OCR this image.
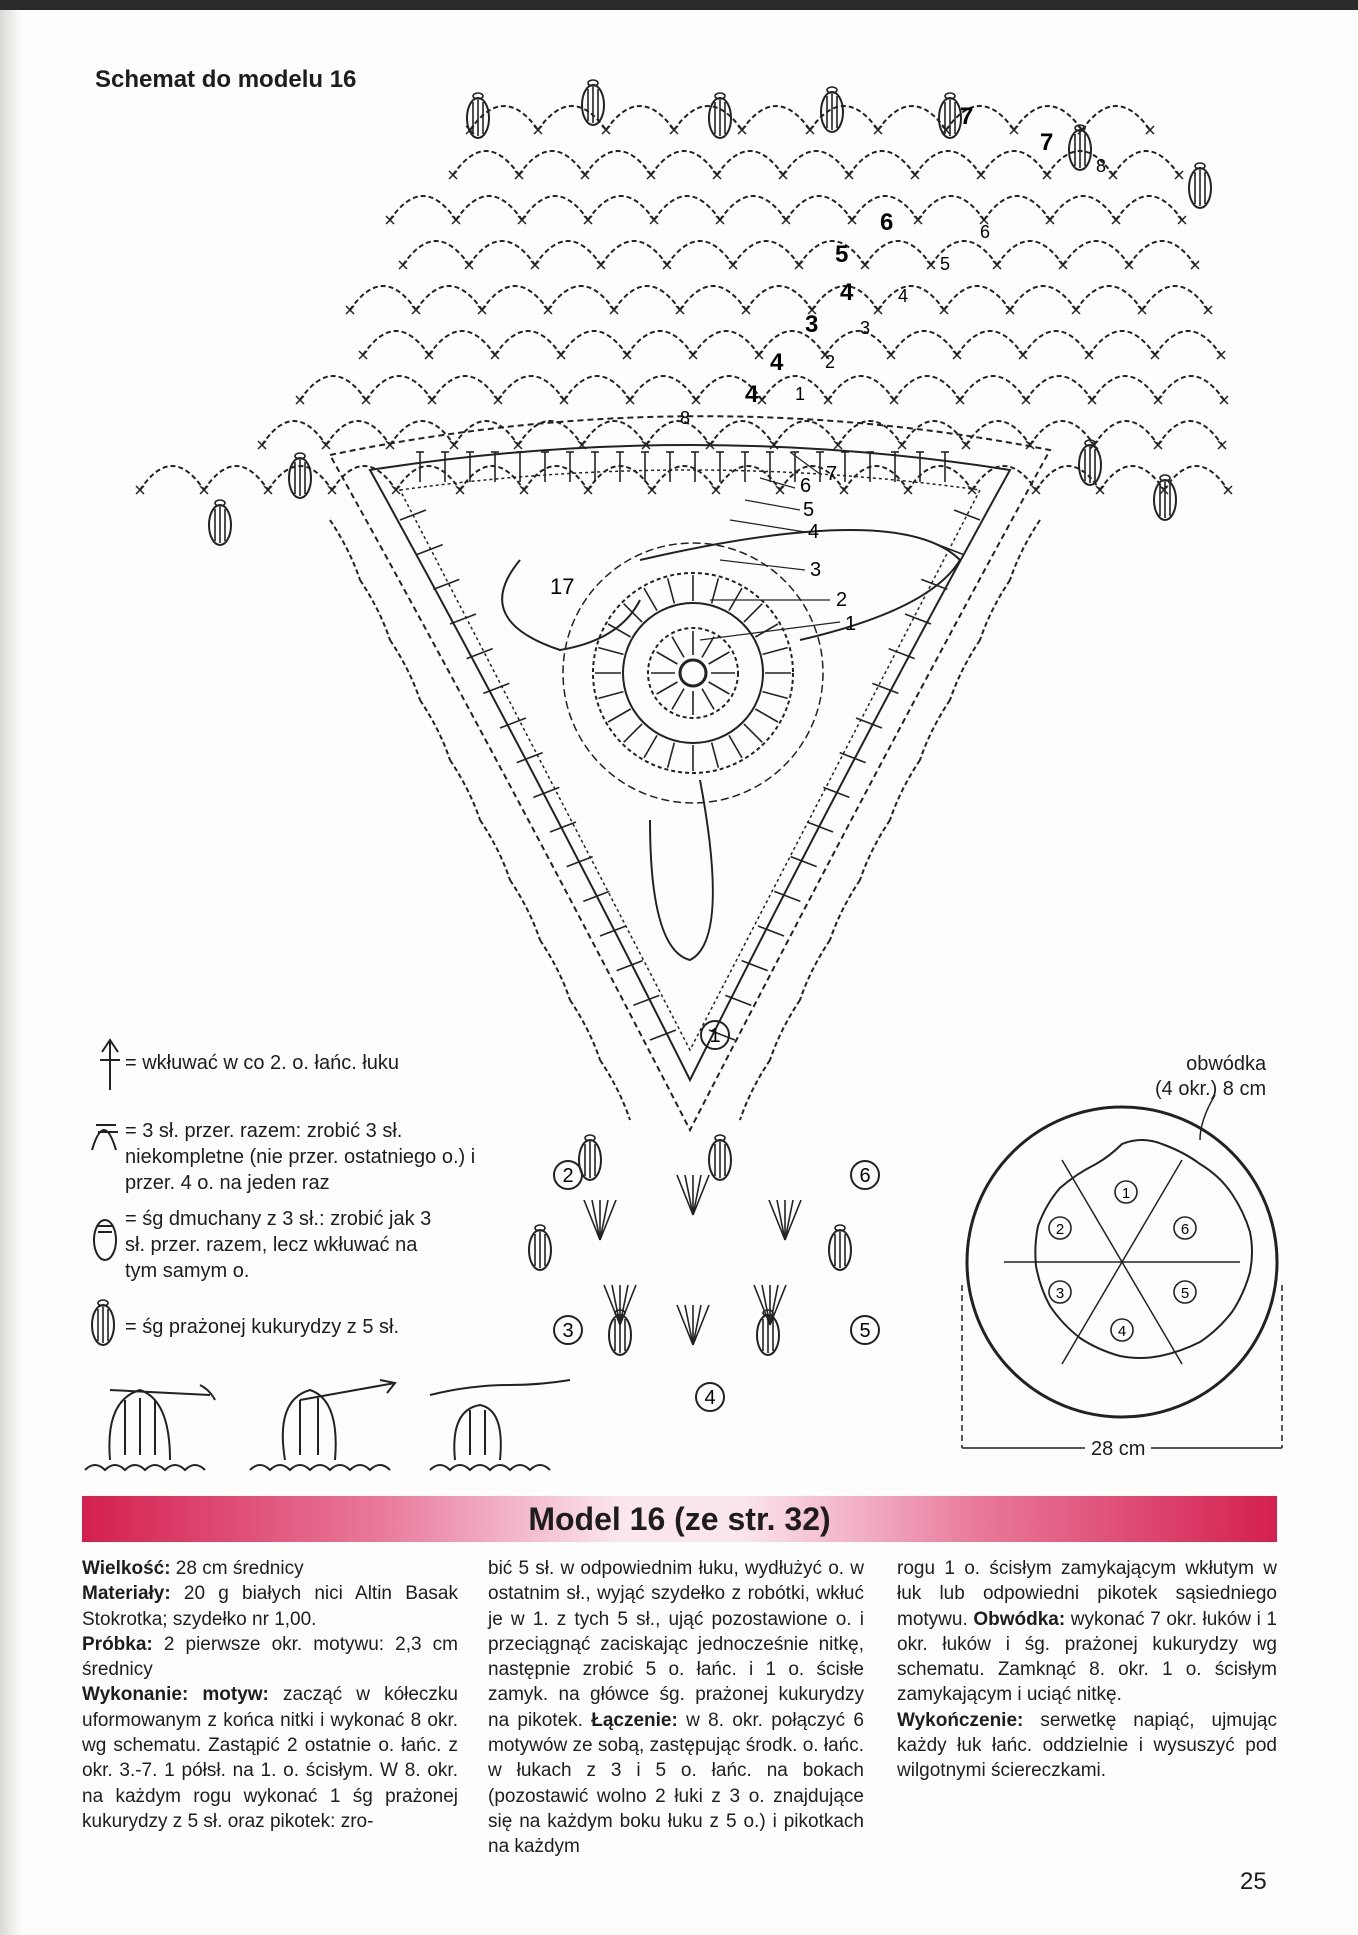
Schemat do modelu 16
1
2
3
4
5
6
7
6
5
4
3
2
1
17
8
7
7
8
6	6
5	5
4 4
3 3
4 2
4 1
1
2
3
4
5
6
= wkłuwać w co 2. o. łańc. łuku
= 3 sł. przer. razem: zrobić 3 sł. niekompletne (nie przer. ostatniego o.) i przer. 4 o. na jeden raz
= śg dmuchany z 3 sł.: zrobić jak 3 sł. przer. razem, lecz wkłuwać na tym samym o.
= śg prażonej kukurydzy z 5 sł.
obwódka
(4 okr.) 8 cm
28 cm
Model 16 (ze str. 32)

Wielkość: 28 cm średnicy

Materiały: 20 g białych nici Altin Basak Stokrotka; szydełko nr 1,00.

Próbka: 2 pierwsze okr. motywu: 2,3 cm średnicy

Wykonanie: motyw: zacząć w kółeczku uformowanym z końca nitki i wykonać 8 okr. wg schematu. Zastąpić 2 ostatnie o. łańc. z okr. 3.-7. 1 półsł. na 1. o. ścisłym. W 8. okr. na każdym rogu wykonać 1 śg prażonej kukurydzy z 5 sł. oraz pikotek: zro-

bić 5 sł. w odpowiednim łuku, wydłużyć o. w ostatnim sł., wyjąć szydełko z robótki, wkłuć je w 1. z tych 5 sł., ująć pozostawione o. i przeciągnąć zaciskając jednocześnie nitkę, następnie zrobić 5 o. łańc. i 1 o. ścisłe zamyk. na główce śg. prażonej kukurydzy na pikotek. Łączenie: w 8. okr. połączyć 6 motywów ze sobą, zastępując środk. o. łańc. w łukach z 3 i 5 o. łańc. na bokach (pozostawić wolno 2 łuki z 3 o. znajdujące się na każdym boku łuku z 5 o.) i pikotkach na każdym

rogu 1 o. ścisłym zamykającym wkłutym w łuk lub odpowiedni pikotek sąsiedniego motywu. Obwódka: wykonać 7 okr. łuków i 1 okr. łuków i śg. prażonej kukurydzy wg schematu. Zamknąć 8. okr. 1 o. ścisłym zamykającym i uciąć nitkę.

Wykończenie: serwetkę napiąć, ujmując każdy łuk łańc. oddzielnie i wysuszyć pod wilgotnymi ściereczkami.

25
